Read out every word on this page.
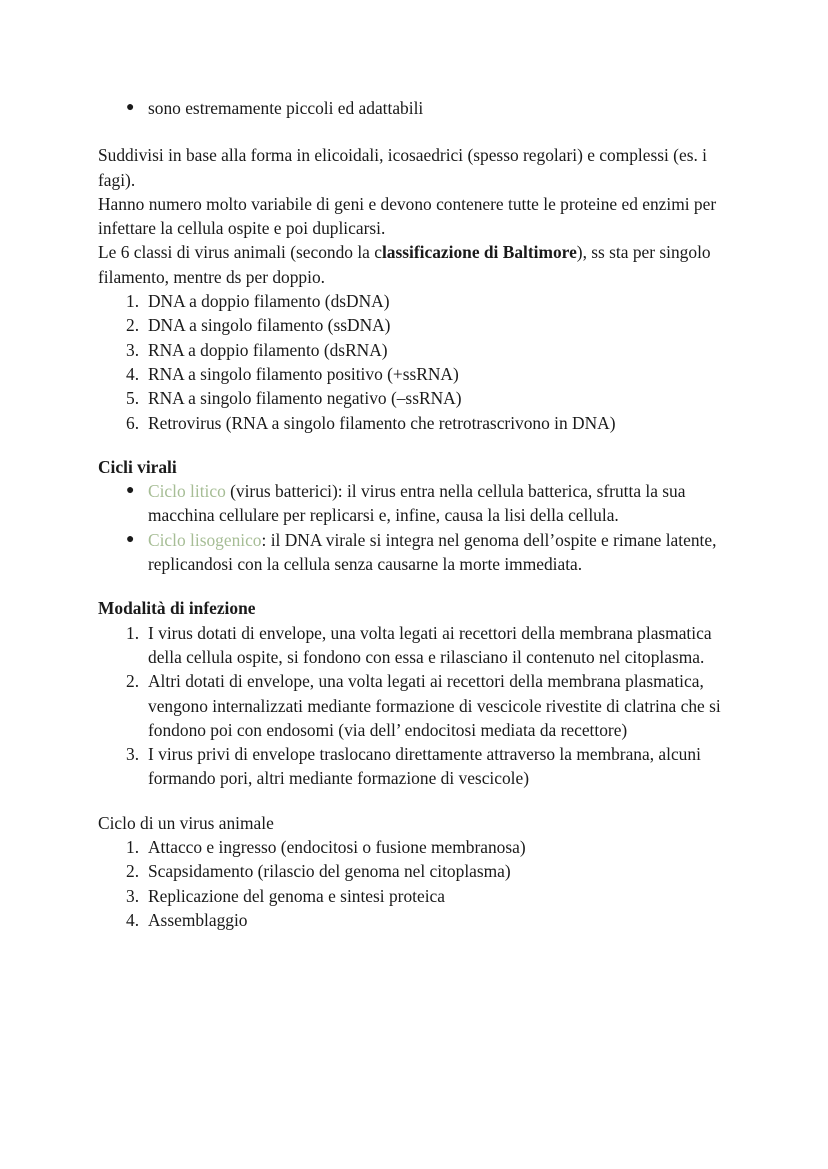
● sono estremamente piccoli ed adattabili

Suddivisi in base alla forma in elicoidali, icosaedrici (spesso regolari) e complessi (es. i fagi).

Hanno numero molto variabile di geni e devono contenere tutte le proteine ed enzimi per infettare la cellula ospite e poi duplicarsi.

Le 6 classi di virus animali (secondo la classificazione di Baltimore), ss sta per singolo filamento, mentre ds per doppio.

1. DNA a doppio filamento (dsDNA)
2. DNA a singolo filamento (ssDNA)
3. RNA a doppio filamento (dsRNA)
4. RNA a singolo filamento positivo (+ssRNA)
5. RNA a singolo filamento negativo (–ssRNA)
6. Retrovirus (RNA a singolo filamento che retrotrascrivono in DNA)

Cicli virali

● Ciclo litico (virus batterici): il virus entra nella cellula batterica, sfrutta la sua macchina cellulare per replicarsi e, infine, causa la lisi della cellula.
● Ciclo lisogenico: il DNA virale si integra nel genoma dell’ospite e rimane latente, replicandosi con la cellula senza causarne la morte immediata.

Modalità di infezione

1. I virus dotati di envelope, una volta legati ai recettori della membrana plasmatica della cellula ospite, si fondono con essa e rilasciano il contenuto nel citoplasma.
2. Altri dotati di envelope, una volta legati ai recettori della membrana plasmatica, vengono internalizzati mediante formazione di vescicole rivestite di clatrina che si fondono poi con endosomi (via dell’ endocitosi mediata da recettore)
3. I virus privi di envelope traslocano direttamente attraverso la membrana, alcuni formando pori, altri mediante formazione di vescicole)

Ciclo di un virus animale

1. Attacco e ingresso (endocitosi o fusione membranosa)
2. Scapsidamento (rilascio del genoma nel citoplasma)
3. Replicazione del genoma e sintesi proteica
4. Assemblaggio
